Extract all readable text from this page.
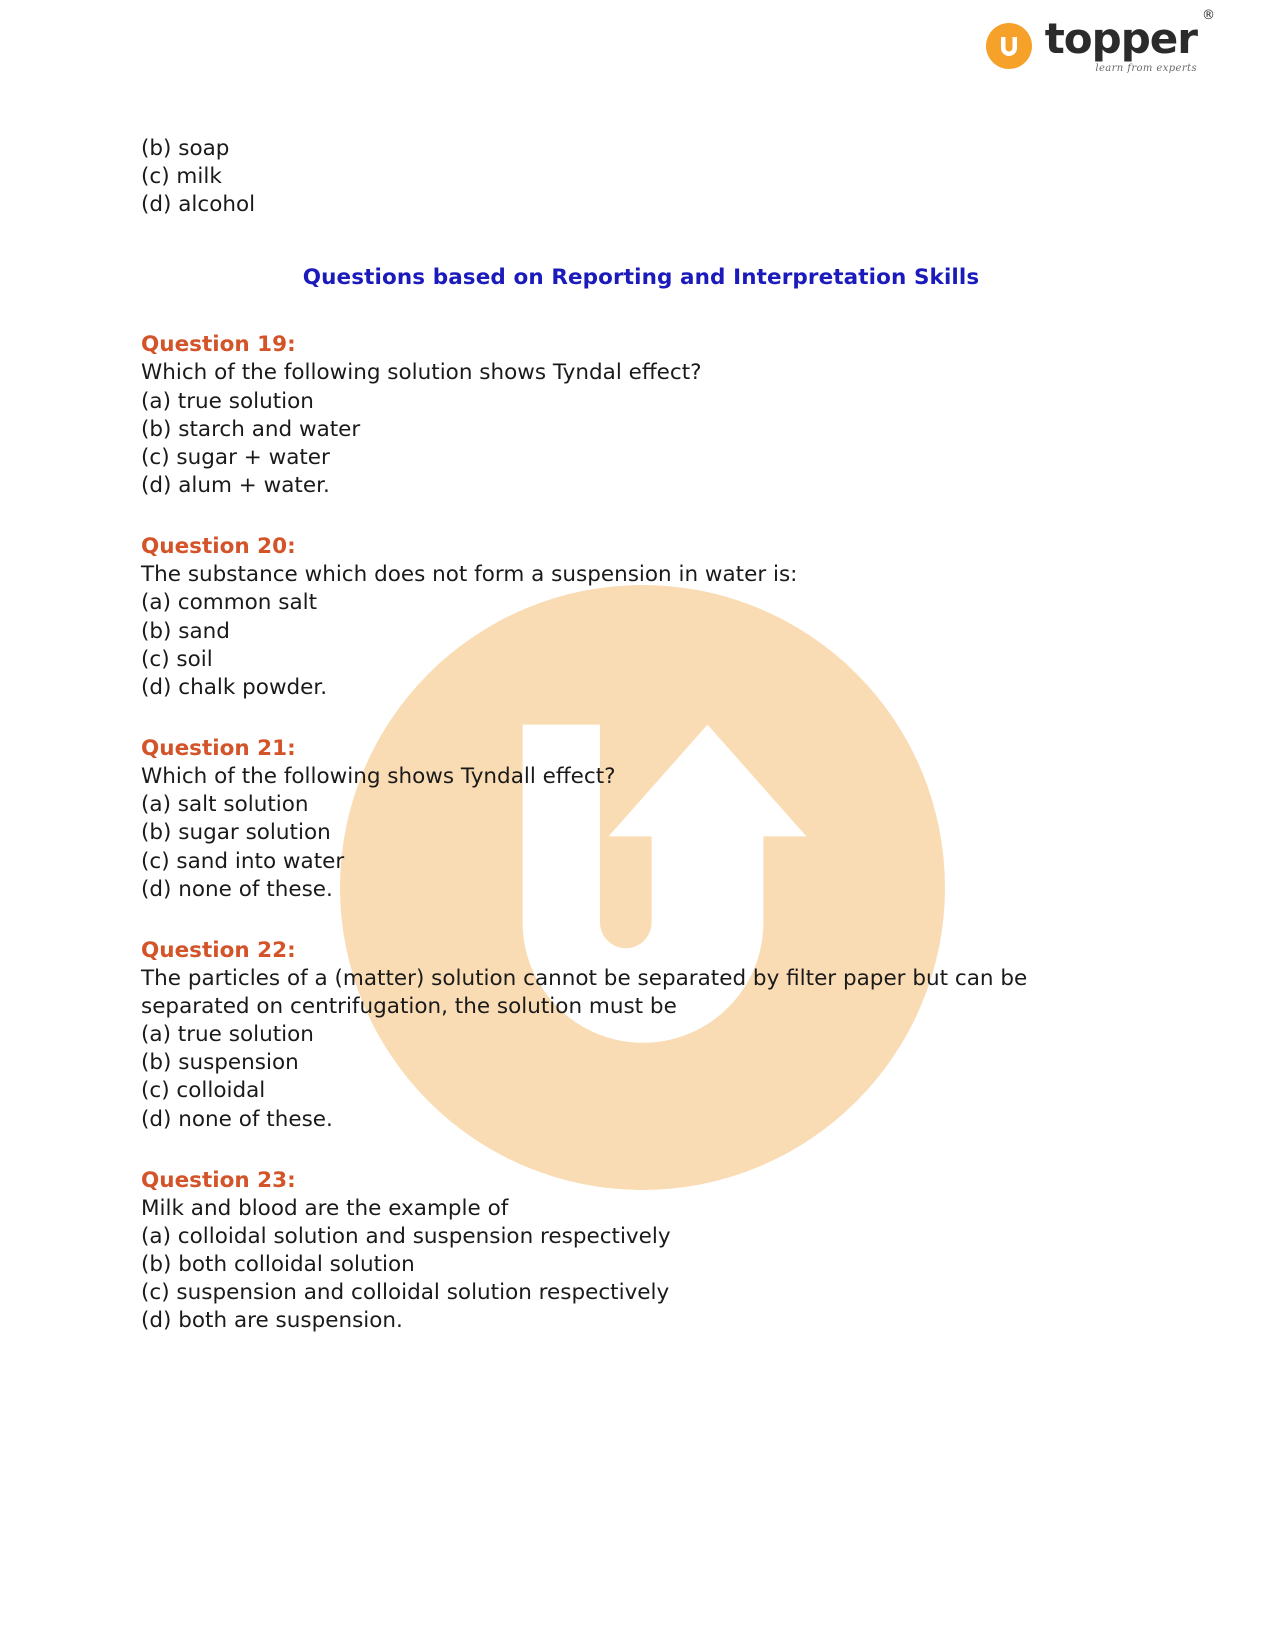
topper
learn from experts
®
(b) soap
(c) milk
(d) alcohol
Questions based on Reporting and Interpretation Skills
Question 19:
Which of the following solution shows Tyndal effect?
(a) true solution
(b) starch and water
(c) sugar + water
(d) alum + water.
Question 20:
The substance which does not form a suspension in water is:
(a) common salt
(b) sand
(c) soil
(d) chalk powder.
Question 21:
Which of the following shows Tyndall effect?
(a) salt solution
(b) sugar solution
(c) sand into water
(d) none of these.
Question 22:
The particles of a (matter) solution cannot be separated by filter paper but can be separated on centrifugation, the solution must be
(a) true solution
(b) suspension
(c) colloidal
(d) none of these.
Question 23:
Milk and blood are the example of
(a) colloidal solution and suspension respectively
(b) both colloidal solution
(c) suspension and colloidal solution respectively
(d) both are suspension.
